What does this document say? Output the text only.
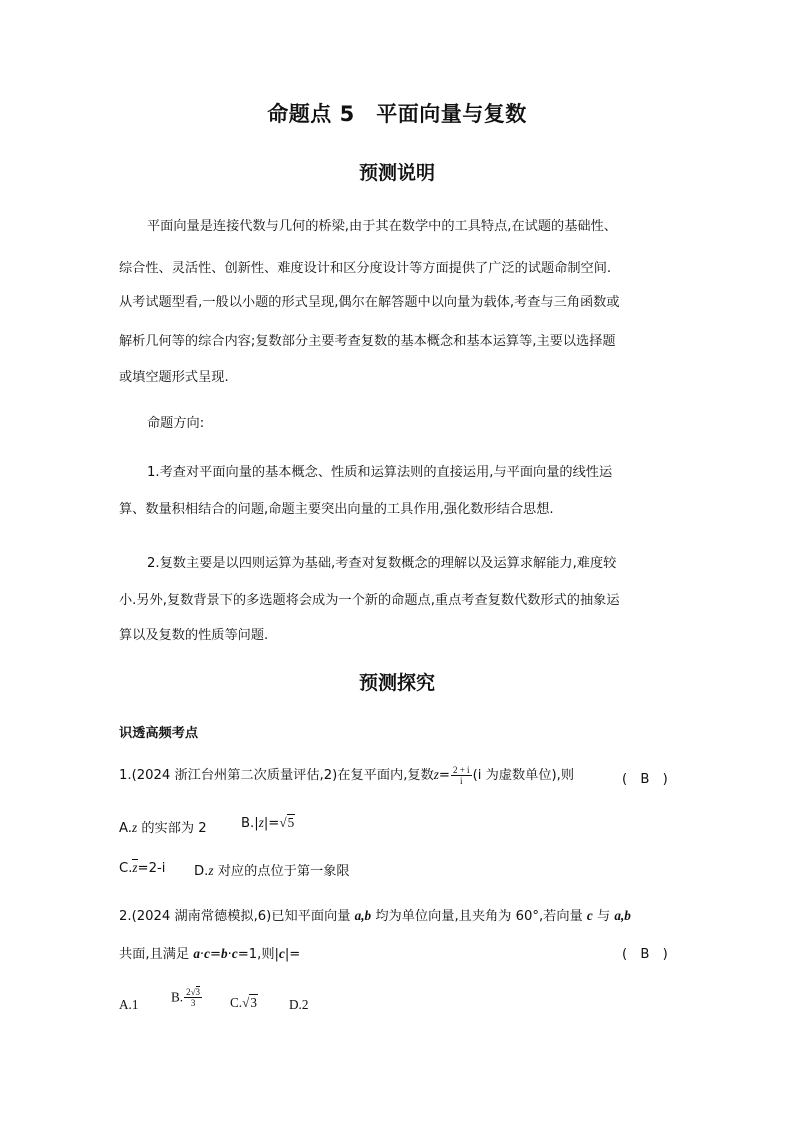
命题点 5　平面向量与复数
预测说明
平面向量是连接代数与几何的桥梁,由于其在数学中的工具特点,在试题的基础性、
综合性、灵活性、创新性、难度设计和区分度设计等方面提供了广泛的试题命制空间.
从考试题型看,一般以小题的形式呈现,偶尔在解答题中以向量为载体,考查与三角函数或
解析几何等的综合内容;复数部分主要考查复数的基本概念和基本运算等,主要以选择题
或填空题形式呈现.
命题方向:
1.考查对平面向量的基本概念、性质和运算法则的直接运用,与平面向量的线性运
算、数量积相结合的问题,命题主要突出向量的工具作用,强化数形结合思想.
2.复数主要是以四则运算为基础,考查对复数概念的理解以及运算求解能力,难度较
小.另外,复数背景下的多选题将会成为一个新的命题点,重点考查复数代数形式的抽象运
算以及复数的性质等问题.
预测探究
识透高频考点
1.(2024 浙江台州第二次质量评估,2)在复平面内,复数$z= \frac{2 + i}{i} (i$ 为虚数单位),则	(　B　)
A.z 的实部为 2	B.|z|=√5
C.z=2-i D.z 对应的点位于第一象限
2.(2024 湖南常德模拟,6)已知平面向量 a,b 均为单位向量,且夹角为 60°,若向量 c 与 a,b
共面,且满足 a·c=b·c=1,则|c|=	(　B　)
A.1 B. $\frac{2√3}{3} C.√3$ D.2
